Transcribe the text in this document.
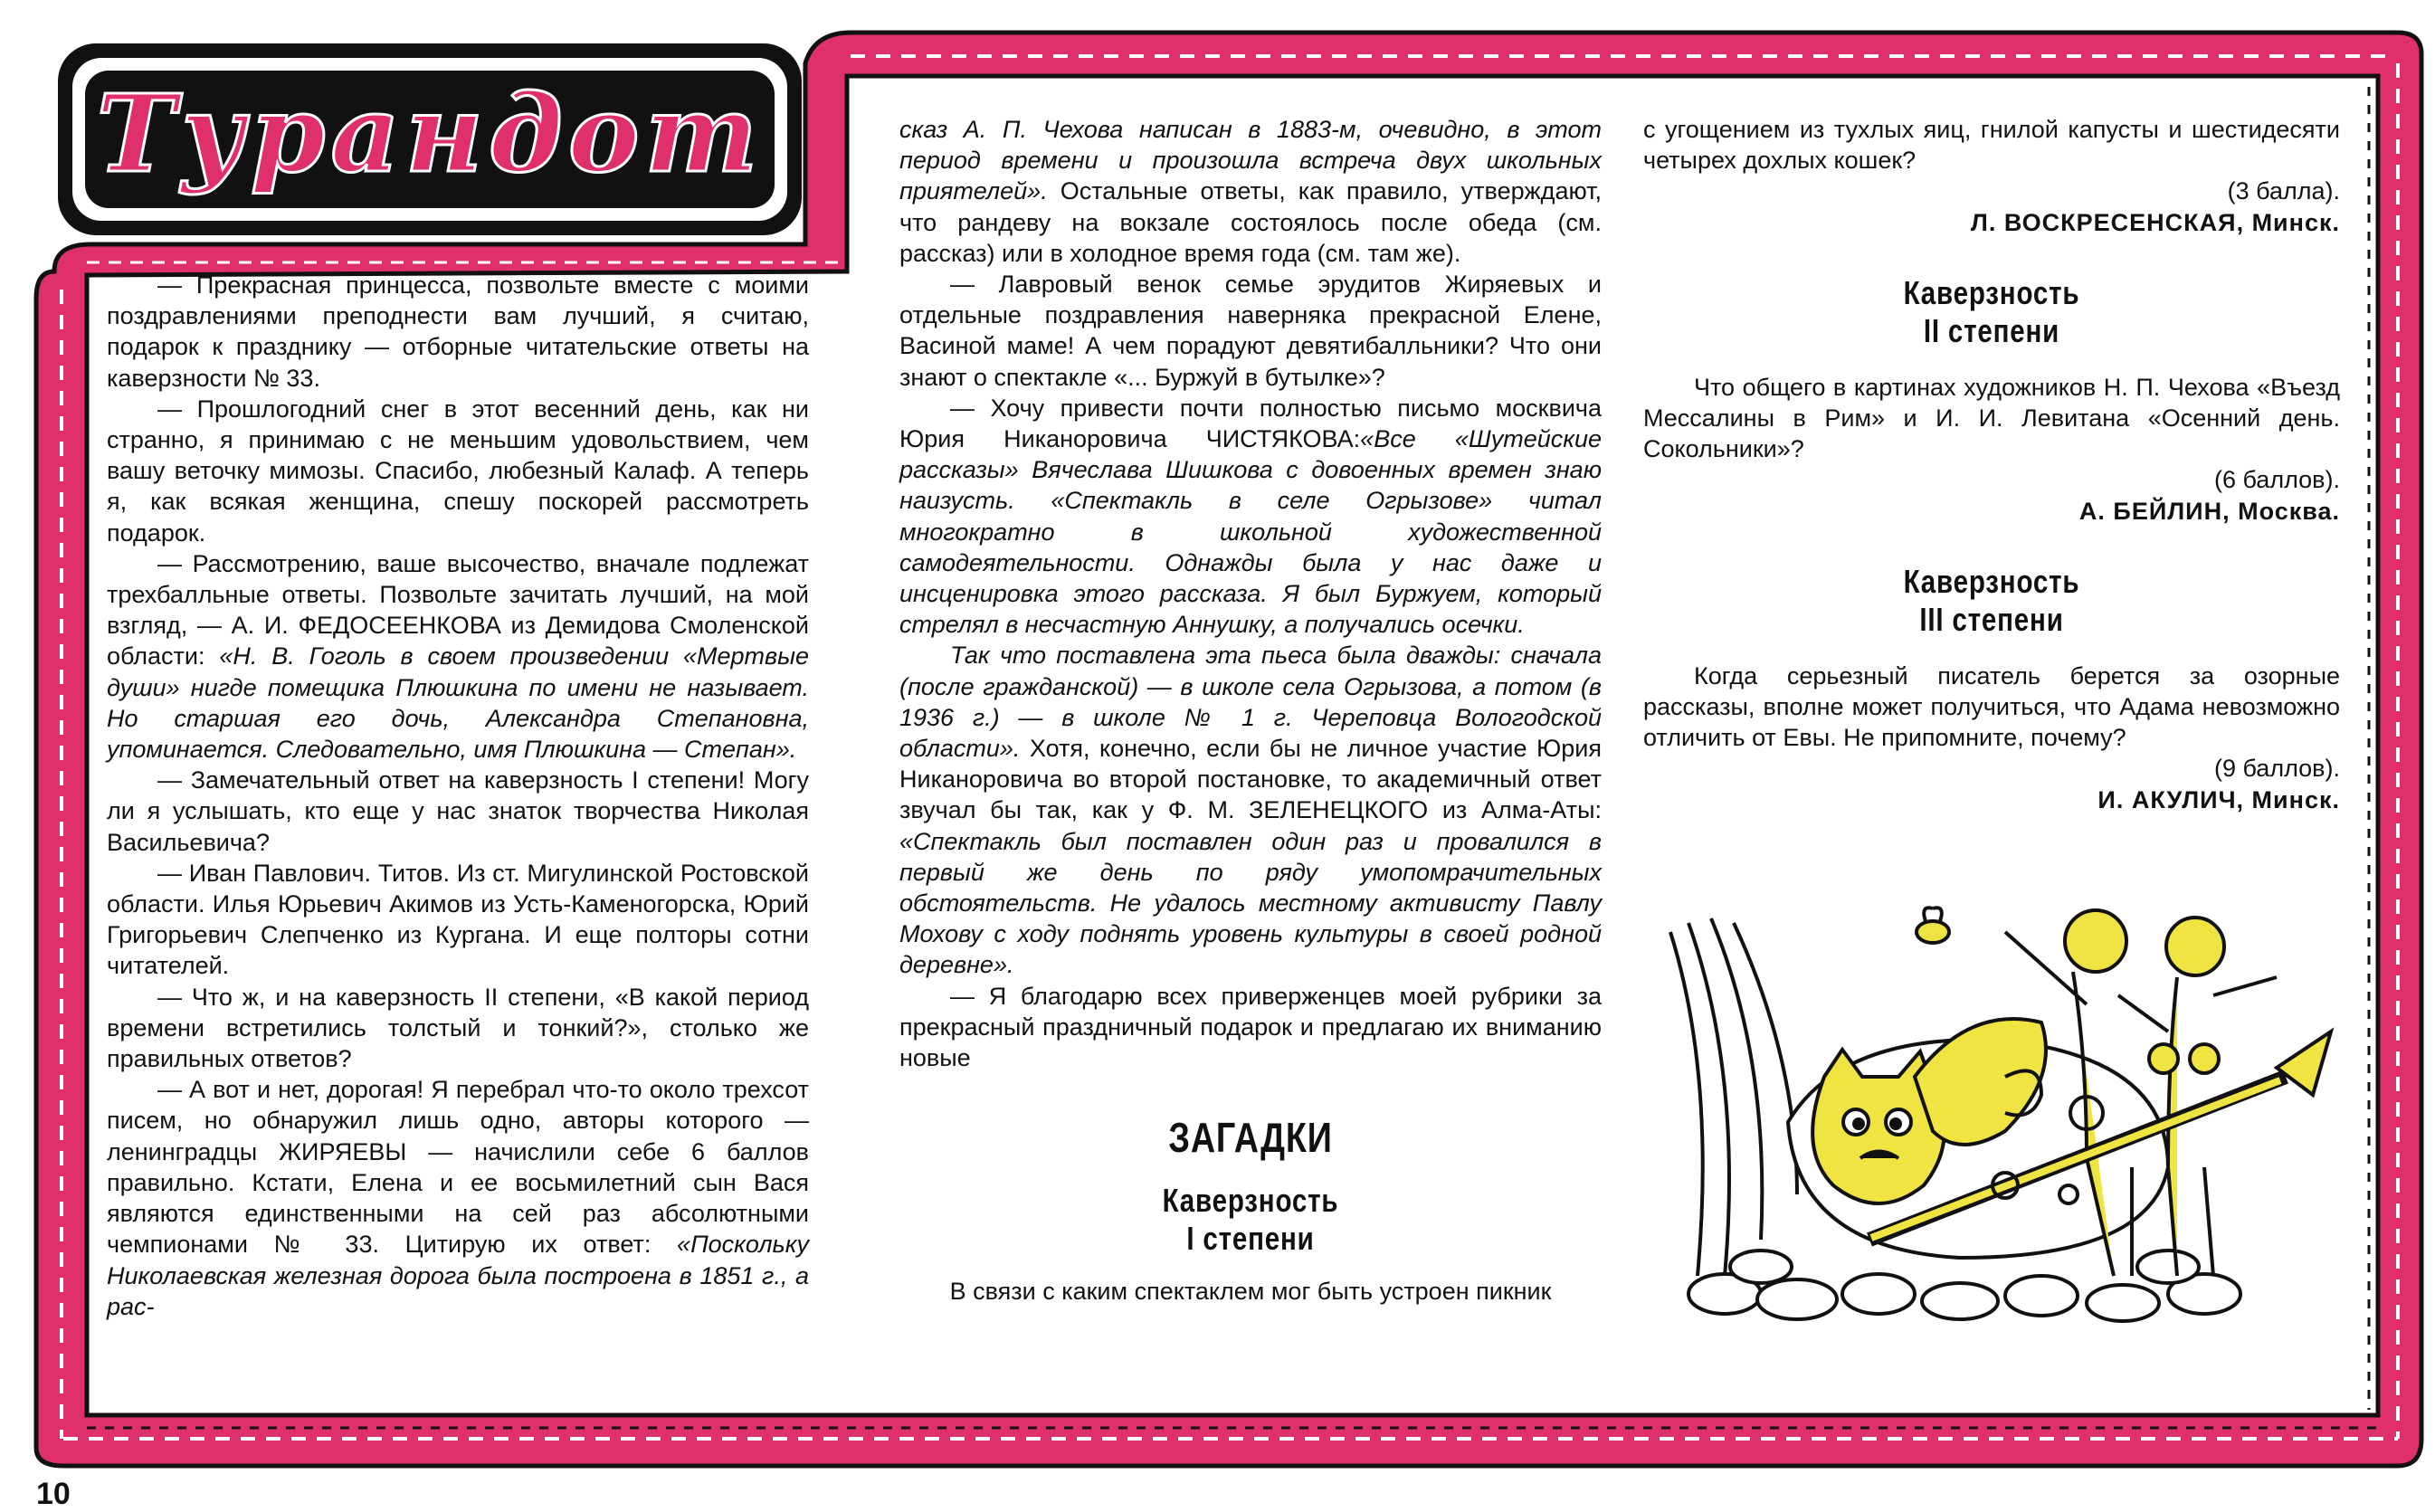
Турандот

— Прекрасная принцесса, позвольте вместе с моими поздравлениями преподнести вам лучший, я считаю, подарок к празднику — отборные читательские ответы на каверзности № 33.

— Прошлогодний снег в этот весенний день, как ни странно, я принимаю с не меньшим удовольствием, чем вашу веточку мимозы. Спасибо, любезный Калаф. А теперь я, как всякая женщина, спешу поскорей рассмотреть подарок.

— Рассмотрению, ваше высочество, вначале подлежат трехбалльные ответы. Позвольте зачитать лучший, на мой взгляд, — А. И. ФЕДОСЕЕНКОВА из Демидова Смоленской области: «Н. В. Гоголь в своем произведении «Мертвые души» нигде помещика Плюшкина по имени не называет. Но старшая его дочь, Александра Степановна, упоминается. Следовательно, имя Плюшкина — Степан».

— Замечательный ответ на каверзность I степени! Могу ли я услышать, кто еще у нас знаток творчества Николая Васильевича?

— Иван Павлович. Титов. Из ст. Мигулинской Ростовской области. Илья Юрьевич Акимов из Усть-Каменогорска, Юрий Григорьевич Слепченко из Кургана. И еще полторы сотни читателей.

— Что ж, и на каверзность II степени, «В какой период времени встретились толстый и тонкий?», столько же правильных ответов?

— А вот и нет, дорогая! Я перебрал что-то около трехсот писем, но обнаружил лишь одно, авторы которого — ленинградцы ЖИРЯЕВЫ — начислили себе 6 баллов правильно. Кстати, Елена и ее восьмилетний сын Вася являются единственными на сей раз абсолютными чемпионами № 33. Цитирую их ответ: «Поскольку Николаевская железная дорога была построена в 1851 г., а рас-

сказ А. П. Чехова написан в 1883-м, очевидно, в этот период времени и произошла встреча двух школьных приятелей». Остальные ответы, как правило, утверждают, что рандеву на вокзале состоялось после обеда (см. рассказ) или в холодное время года (см. там же).

— Лавровый венок семье эрудитов Жиряевых и отдельные поздравления наверняка прекрасной Елене, Васиной маме! А чем порадуют девятибалльники? Что они знают о спектакле «... Буржуй в бутылке»?

— Хочу привести почти полностью письмо москвича Юрия Никаноровича ЧИСТЯКОВА:«Все «Шутейские рассказы» Вячеслава Шишкова с довоенных времен знаю наизусть. «Спектакль в селе Огрызове» читал многократно в школьной художественной самодеятельности. Однажды была у нас даже и инсценировка этого рассказа. Я был Буржуем, который стрелял в несчастную Аннушку, а получались осечки.

Так что поставлена эта пьеса была дважды: сначала (после гражданской) — в школе села Огрызова, а потом (в 1936 г.) — в школе № 1 г. Череповца Вологодской области». Хотя, конечно, если бы не личное участие Юрия Никаноровича во второй постановке, то академичный ответ звучал бы так, как у Ф. М. ЗЕЛЕНЕЦКОГО из Алма-Аты: «Спектакль был поставлен один раз и провалился в первый же день по ряду умопомрачительных обстоятельств. Не удалось местному активисту Павлу Мохову с ходу поднять уровень культуры в своей родной деревне».

— Я благодарю всех приверженцев моей рубрики за прекрасный праздничный подарок и предлагаю их вниманию новые

ЗАГАДКИ

Каверзность

I степени

В связи с каким спектаклем мог быть устроен пикник

с угощением из тухлых яиц, гнилой капусты и шестидесяти четырех дохлых кошек?

(3 балла).

Л. ВОСКРЕСЕНСКАЯ, Минск.

Каверзность

II степени

Что общего в картинах художников Н. П. Чехова «Въезд Мессалины в Рим» и И. И. Левитана «Осенний день. Сокольники»?

(6 баллов).

А. БЕЙЛИН, Москва.

Каверзность

III степени

Когда серьезный писатель берется за озорные рассказы, вполне может получиться, что Адама невозможно отличить от Евы. Не припомните, почему?

(9 баллов).

И. АКУЛИЧ, Минск.

10
